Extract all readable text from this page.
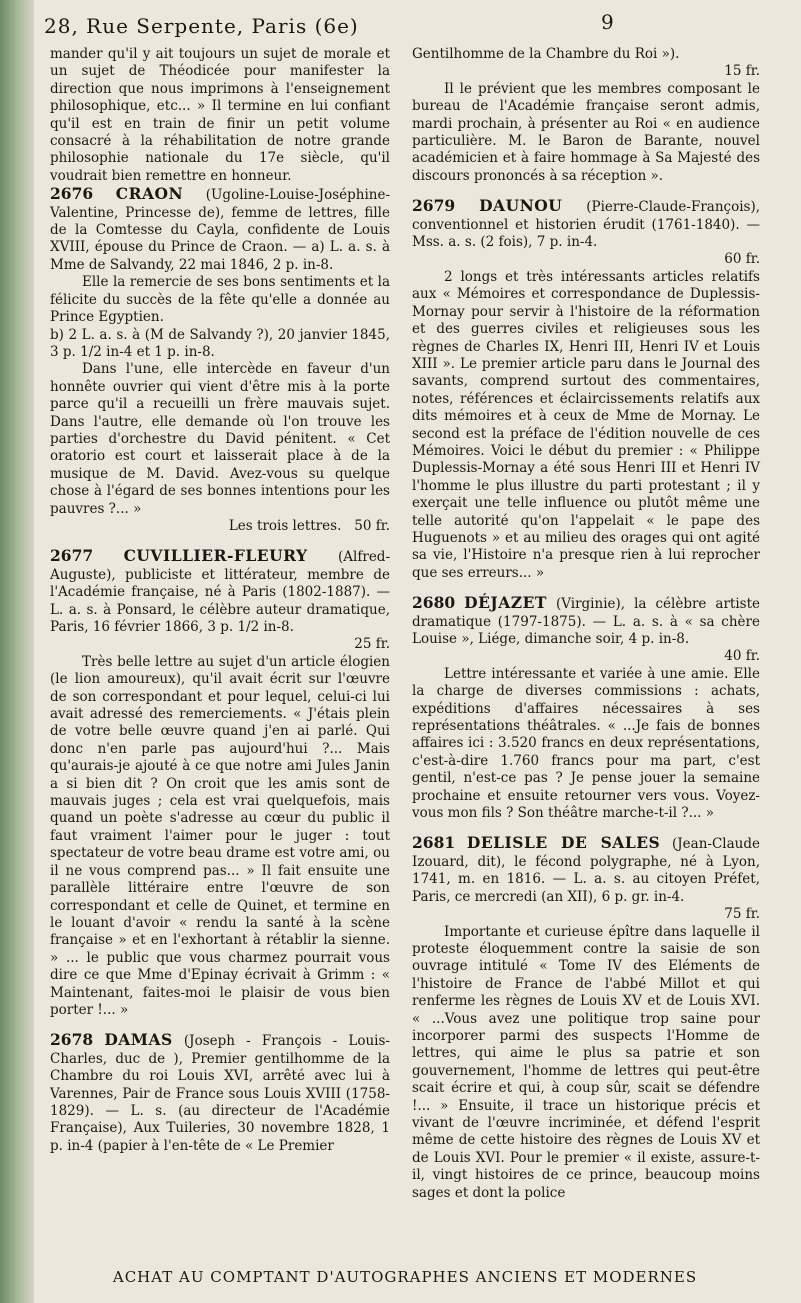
28, Rue Serpente, Paris (6e)	9

mander qu'il y ait toujours un sujet de morale et un sujet de Théodicée pour manifester la direction que nous imprimons à l'enseignement philosophique, etc... » Il termine en lui confiant qu'il est en train de finir un petit volume consacré à la réhabilitation de notre grande philosophie nationale du 17e siècle, qu'il voudrait bien remettre en honneur.

2676 CRAON (Ugoline-Louise-Joséphine-Valentine, Princesse de), femme de lettres, fille de la Comtesse du Cayla, confidente de Louis XVIII, épouse du Prince de Craon. — a) L. a. s. à Mme de Salvandy, 22 mai 1846, 2 p. in-8.

Elle la remercie de ses bons sentiments et la félicite du succès de la fête qu'elle a donnée au Prince Egyptien.

b) 2 L. a. s. à (M de Salvandy ?), 20 janvier 1845, 3 p. 1/2 in-4 et 1 p. in-8.

Dans l'une, elle intercède en faveur d'un honnête ouvrier qui vient d'être mis à la porte parce qu'il a recueilli un frère mauvais sujet. Dans l'autre, elle demande où l'on trouve les parties d'orchestre du David pénitent. « Cet oratorio est court et laisserait place à de la musique de M. David. Avez-vous su quelque chose à l'égard de ses bonnes intentions pour les pauvres ?... »

Les trois lettres. 50 fr.

2677 CUVILLIER-FLEURY (Alfred-Auguste), publiciste et littérateur, membre de l'Académie française, né à Paris (1802-1887). — L. a. s. à Ponsard, le célèbre auteur dramatique, Paris, 16 février 1866, 3 p. 1/2 in-8.

25 fr.

Très belle lettre au sujet d'un article élogien (le lion amoureux), qu'il avait écrit sur l'œuvre de son correspondant et pour lequel, celui-ci lui avait adressé des remerciements. « J'étais plein de votre belle œuvre quand j'en ai parlé. Qui donc n'en parle pas aujourd'hui ?... Mais qu'aurais-je ajouté à ce que notre ami Jules Janin a si bien dit ? On croit que les amis sont de mauvais juges ; cela est vrai quelquefois, mais quand un poète s'adresse au cœur du public il faut vraiment l'aimer pour le juger : tout spectateur de votre beau drame est votre ami, ou il ne vous comprend pas... » Il fait ensuite une parallèle littéraire entre l'œuvre de son correspondant et celle de Quinet, et termine en le louant d'avoir « rendu la santé à la scène française » et en l'exhortant à rétablir la sienne. » ... le public que vous charmez pourrait vous dire ce que Mme d'Epinay écrivait à Grimm : « Maintenant, faites-moi le plaisir de vous bien porter !... »

2678 DAMAS (Joseph - François - Louis-Charles, duc de ), Premier gentilhomme de la Chambre du roi Louis XVI, arrêté avec lui à Varennes, Pair de France sous Louis XVIII (1758-1829). — L. s. (au directeur de l'Académie Française), Aux Tuileries, 30 novembre 1828, 1 p. in-4 (papier à l'en-tête de « Le Premier

Gentilhomme de la Chambre du Roi »).

15 fr.

Il le prévient que les membres composant le bureau de l'Académie française seront admis, mardi prochain, à présenter au Roi « en audience particulière. M. le Baron de Barante, nouvel académicien et à faire hommage à Sa Majesté des discours prononcés à sa réception ».

2679 DAUNOU (Pierre-Claude-François), conventionnel et historien érudit (1761-1840). — Mss. a. s. (2 fois), 7 p. in-4.

60 fr.

2 longs et très intéressants articles relatifs aux « Mémoires et correspondance de Duplessis-Mornay pour servir à l'histoire de la réformation et des guerres civiles et religieuses sous les règnes de Charles IX, Henri III, Henri IV et Louis XIII ». Le premier article paru dans le Journal des savants, comprend surtout des commentaires, notes, références et éclaircissements relatifs aux dits mémoires et à ceux de Mme de Mornay. Le second est la préface de l'édition nouvelle de ces Mémoires. Voici le début du premier : « Philippe Duplessis-Mornay a été sous Henri III et Henri IV l'homme le plus illustre du parti protestant ; il y exerçait une telle influence ou plutôt même une telle autorité qu'on l'appelait « le pape des Huguenots » et au milieu des orages qui ont agité sa vie, l'Histoire n'a presque rien à lui reprocher que ses erreurs... »

2680 DÉJAZET (Virginie), la célèbre artiste dramatique (1797-1875). — L. a. s. à « sa chère Louise », Liége, dimanche soir, 4 p. in-8.

40 fr.

Lettre intéressante et variée à une amie. Elle la charge de diverses commissions : achats, expéditions d'affaires nécessaires à ses représentations théâtrales. « ...Je fais de bonnes affaires ici : 3.520 francs en deux représentations, c'est-à-dire 1.760 francs pour ma part, c'est gentil, n'est-ce pas ? Je pense jouer la semaine prochaine et ensuite retourner vers vous. Voyez-vous mon fils ? Son théâtre marche-t-il ?... »

2681 DELISLE DE SALES (Jean-Claude Izouard, dit), le fécond polygraphe, né à Lyon, 1741, m. en 1816. — L. a. s. au citoyen Préfet, Paris, ce mercredi (an XII), 6 p. gr. in-4.

75 fr.

Importante et curieuse épître dans laquelle il proteste éloquemment contre la saisie de son ouvrage intitulé « Tome IV des Eléments de l'histoire de France de l'abbé Millot et qui renferme les règnes de Louis XV et de Louis XVI. « ...Vous avez une politique trop saine pour incorporer parmi des suspects l'Homme de lettres, qui aime le plus sa patrie et son gouvernement, l'homme de lettres qui peut-être scait écrire et qui, à coup sûr, scait se défendre !... » Ensuite, il trace un historique précis et vivant de l'œuvre incriminée, et défend l'esprit même de cette histoire des règnes de Louis XV et de Louis XVI. Pour le premier « il existe, assure-t-il, vingt histoires de ce prince, beaucoup moins sages et dont la police

ACHAT AU COMPTANT D'AUTOGRAPHES ANCIENS ET MODERNES
